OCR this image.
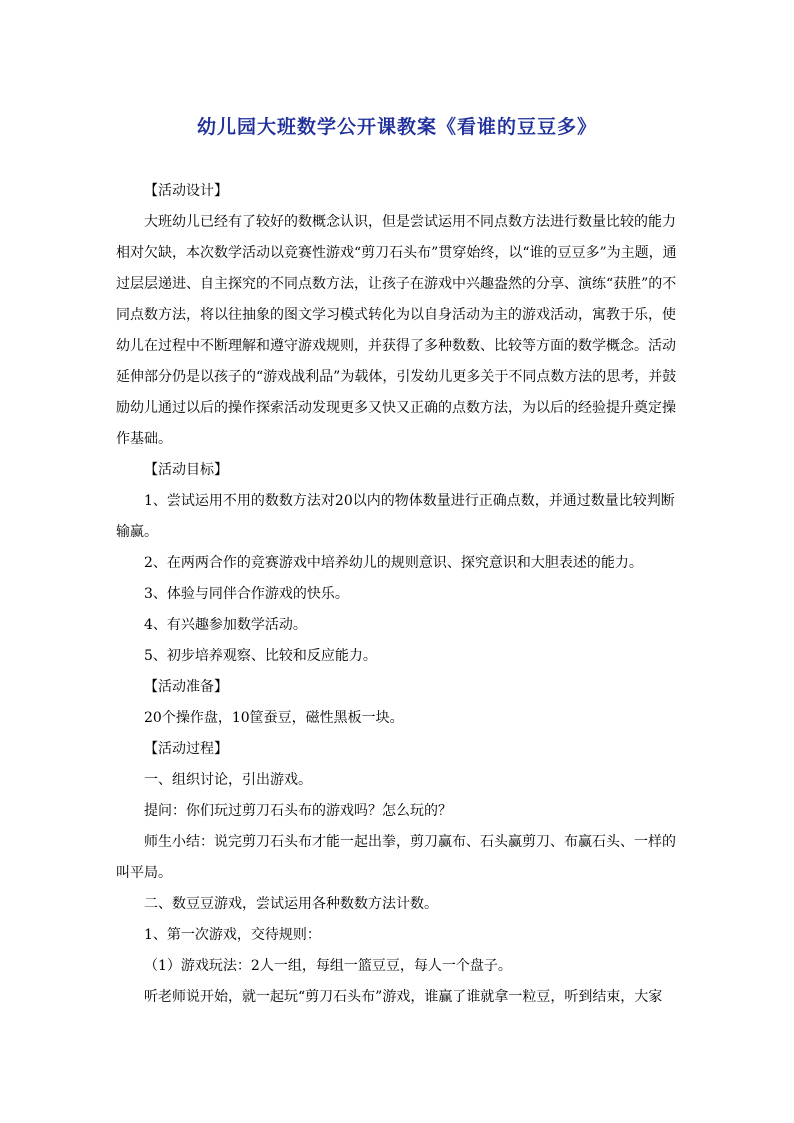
幼儿园大班数学公开课教案《看谁的豆豆多》

【活动设计】

大班幼儿已经有了较好的数概念认识，但是尝试运用不同点数方法进行数量比较的能力相对欠缺，本次数学活动以竞赛性游戏“剪刀石头布”贯穿始终，以“谁的豆豆多”为主题，通过层层递进、自主探究的不同点数方法，让孩子在游戏中兴趣盎然的分享、演练“获胜”的不同点数方法，将以往抽象的图文学习模式转化为以自身活动为主的游戏活动，寓教于乐，使幼儿在过程中不断理解和遵守游戏规则，并获得了多种数数、比较等方面的数学概念。活动延伸部分仍是以孩子的“游戏战利品”为载体，引发幼儿更多关于不同点数方法的思考，并鼓励幼儿通过以后的操作探索活动发现更多又快又正确的点数方法，为以后的经验提升奠定操作基础。

【活动目标】

1、尝试运用不用的数数方法对20以内的物体数量进行正确点数，并通过数量比较判断输赢。

2、在两两合作的竞赛游戏中培养幼儿的规则意识、探究意识和大胆表述的能力。

3、体验与同伴合作游戏的快乐。

4、有兴趣参加数学活动。

5、初步培养观察、比较和反应能力。

【活动准备】

20个操作盘，10筐蚕豆，磁性黑板一块。

【活动过程】

一、组织讨论，引出游戏。

提问：你们玩过剪刀石头布的游戏吗？怎么玩的？

师生小结：说完剪刀石头布才能一起出拳，剪刀赢布、石头赢剪刀、布赢石头、一样的叫平局。

二、数豆豆游戏，尝试运用各种数数方法计数。

1、第一次游戏，交待规则：

（1）游戏玩法：2人一组，每组一篮豆豆，每人一个盘子。

听老师说开始，就一起玩“剪刀石头布”游戏，谁赢了谁就拿一粒豆，听到结束，大家
